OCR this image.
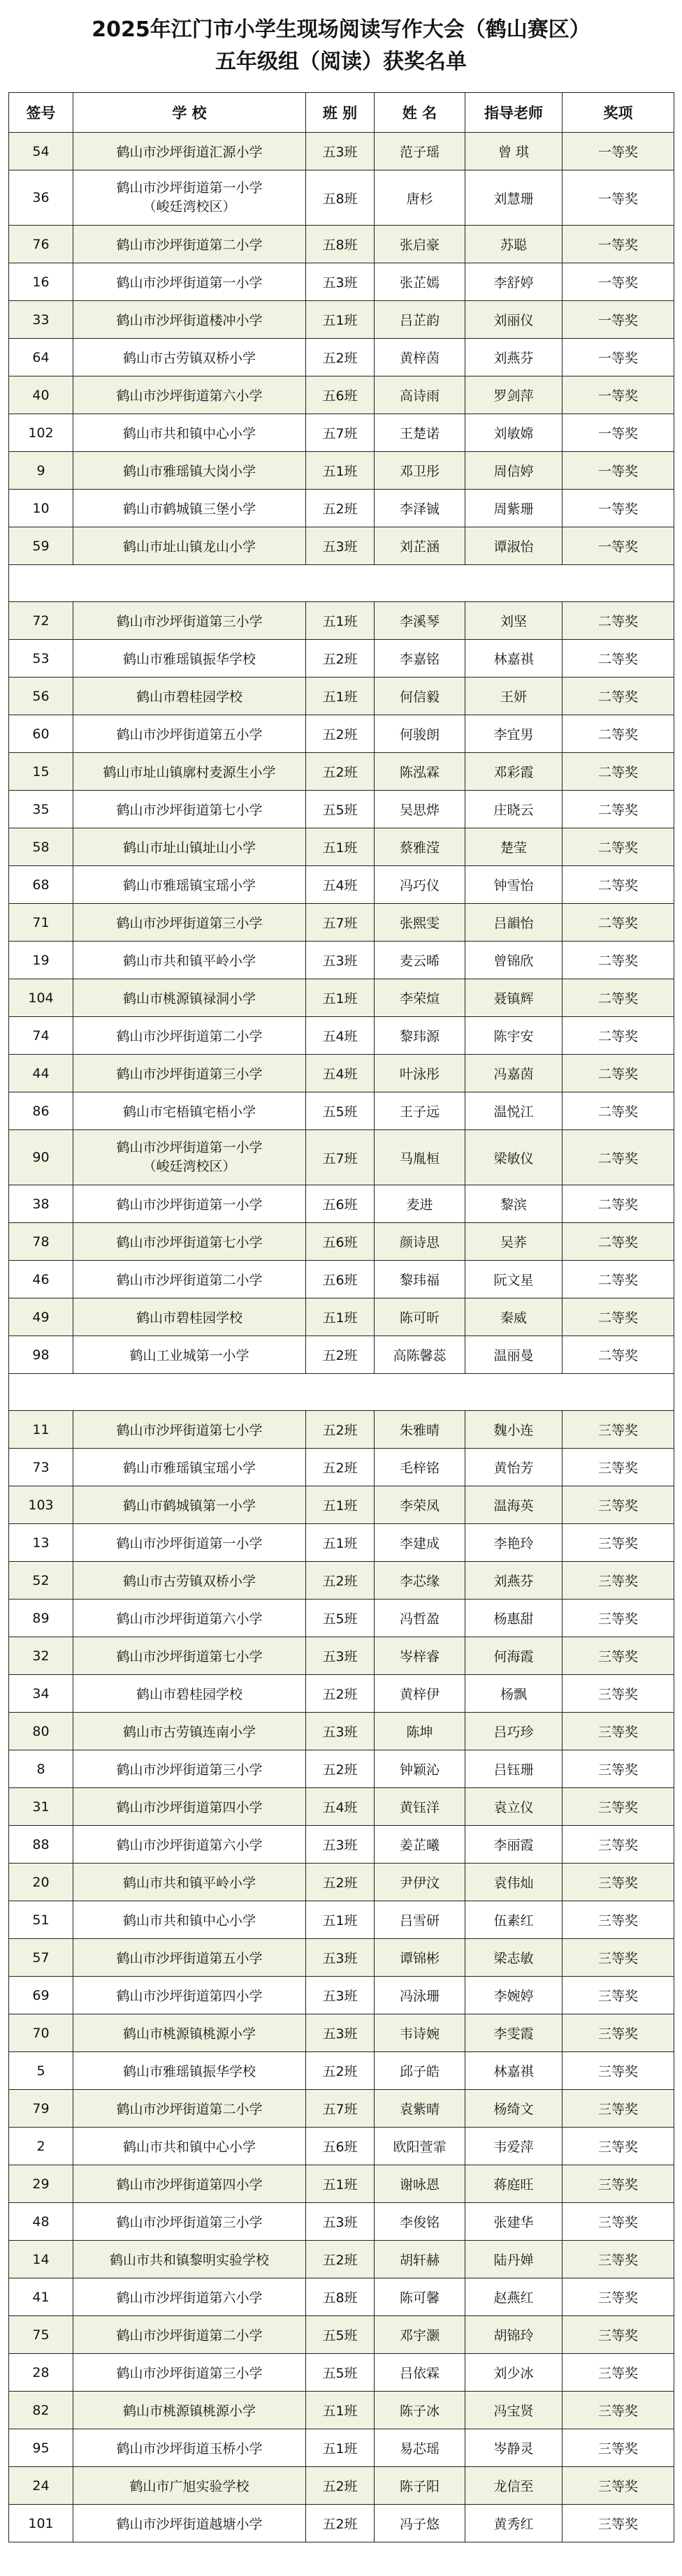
2025年江门市小学生现场阅读写作大会（鹤山赛区）
五年级组（阅读）获奖名单
签号	学 校	班 别	姓 名	指导老师	奖项
54	鹤山市沙坪街道汇源小学	五3班	范子瑶	曾 琪	一等奖
36	鹤山市沙坪街道第一小学
（峻廷湾校区）	五8班	唐杉	刘慧珊	一等奖
76	鹤山市沙坪街道第二小学	五8班	张启豪	苏聪	一等奖
16	鹤山市沙坪街道第一小学	五3班	张芷嫣	李舒婷	一等奖
33	鹤山市沙坪街道楼冲小学	五1班	吕芷韵	刘丽仪	一等奖
64	鹤山市古劳镇双桥小学	五2班	黄梓茵	刘燕芬	一等奖
40	鹤山市沙坪街道第六小学	五6班	高诗雨	罗剑萍	一等奖
102	鹤山市共和镇中心小学	五7班	王楚诺	刘敏嫦	一等奖
9	鹤山市雅瑶镇大岗小学	五1班	邓卫彤	周信婷	一等奖
10	鹤山市鹤城镇三堡小学	五2班	李泽铖	周紫珊	一等奖
59	鹤山市址山镇龙山小学	五3班	刘芷涵	谭淑怡	一等奖

72	鹤山市沙坪街道第三小学	五1班	李溪琴	刘坚	二等奖
53	鹤山市雅瑶镇振华学校	五2班	李嘉铭	林嘉祺	二等奖
56	鹤山市碧桂园学校	五1班	何信毅	王妍	二等奖
60	鹤山市沙坪街道第五小学	五2班	何骏朗	李宜男	二等奖
15	鹤山市址山镇廓村麦源生小学	五2班	陈泓霖	邓彩霞	二等奖
35	鹤山市沙坪街道第七小学	五5班	吴思烨	庄晓云	二等奖
58	鹤山市址山镇址山小学	五1班	蔡雅滢	楚莹	二等奖
68	鹤山市雅瑶镇宝瑶小学	五4班	冯巧仪	钟雪怡	二等奖
71	鹤山市沙坪街道第三小学	五7班	张熙雯	吕韻怡	二等奖
19	鹤山市共和镇平岭小学	五3班	麦云晞	曾锦欣	二等奖
104	鹤山市桃源镇禄洞小学	五1班	李荣煊	聂镇辉	二等奖
74	鹤山市沙坪街道第二小学	五4班	黎玮源	陈宇安	二等奖
44	鹤山市沙坪街道第三小学	五4班	叶泳彤	冯嘉茵	二等奖
86	鹤山市宅梧镇宅梧小学	五5班	王子远	温悦江	二等奖
90	鹤山市沙坪街道第一小学
（峻廷湾校区）	五7班	马胤桓	梁敏仪	二等奖
38	鹤山市沙坪街道第一小学	五6班	麦进	黎滨	二等奖
78	鹤山市沙坪街道第七小学	五6班	颜诗思	吴荞	二等奖
46	鹤山市沙坪街道第二小学	五6班	黎玮福	阮文星	二等奖
49	鹤山市碧桂园学校	五1班	陈可昕	秦威	二等奖
98	鹤山工业城第一小学	五2班	高陈馨蕊	温丽曼	二等奖

11	鹤山市沙坪街道第七小学	五2班	朱雅晴	魏小连	三等奖
73	鹤山市雅瑶镇宝瑶小学	五2班	毛梓铭	黄怡芳	三等奖
103	鹤山市鹤城镇第一小学	五1班	李荣凤	温海英	三等奖
13	鹤山市沙坪街道第一小学	五1班	李建成	李艳玲	三等奖
52	鹤山市古劳镇双桥小学	五2班	李芯缘	刘燕芬	三等奖
89	鹤山市沙坪街道第六小学	五5班	冯哲盈	杨惠甜	三等奖
32	鹤山市沙坪街道第七小学	五3班	岑梓睿	何海霞	三等奖
34	鹤山市碧桂园学校	五2班	黄梓伊	杨飘	三等奖
80	鹤山市古劳镇连南小学	五3班	陈坤	吕巧珍	三等奖
8	鹤山市沙坪街道第三小学	五2班	钟颖沁	吕钰珊	三等奖
31	鹤山市沙坪街道第四小学	五4班	黄钰洋	袁立仪	三等奖
88	鹤山市沙坪街道第六小学	五3班	姜芷曦	李丽霞	三等奖
20	鹤山市共和镇平岭小学	五2班	尹伊汶	袁伟灿	三等奖
51	鹤山市共和镇中心小学	五1班	吕雪研	伍素红	三等奖
57	鹤山市沙坪街道第五小学	五3班	谭锦彬	梁志敏	三等奖
69	鹤山市沙坪街道第四小学	五3班	冯泳珊	李婉婷	三等奖
70	鹤山市桃源镇桃源小学	五3班	韦诗婉	李雯霞	三等奖
5	鹤山市雅瑶镇振华学校	五2班	邱子皓	林嘉祺	三等奖
79	鹤山市沙坪街道第二小学	五7班	袁紫晴	杨绮文	三等奖
2	鹤山市共和镇中心小学	五6班	欧阳萱霏	韦爱萍	三等奖
29	鹤山市沙坪街道第四小学	五1班	谢咏恩	蒋庭旺	三等奖
48	鹤山市沙坪街道第三小学	五3班	李俊铭	张建华	三等奖
14	鹤山市共和镇黎明实验学校	五2班	胡轩赫	陆丹婵	三等奖
41	鹤山市沙坪街道第六小学	五8班	陈可馨	赵燕红	三等奖
75	鹤山市沙坪街道第二小学	五5班	邓宇灏	胡锦玲	三等奖
28	鹤山市沙坪街道第三小学	五5班	吕依霖	刘少冰	三等奖
82	鹤山市桃源镇桃源小学	五1班	陈子冰	冯宝贤	三等奖
95	鹤山市沙坪街道玉桥小学	五1班	易芯瑶	岑静灵	三等奖
24	鹤山市广旭实验学校	五2班	陈子阳	龙信至	三等奖
101	鹤山市沙坪街道越塘小学	五2班	冯子悠	黄秀红	三等奖
